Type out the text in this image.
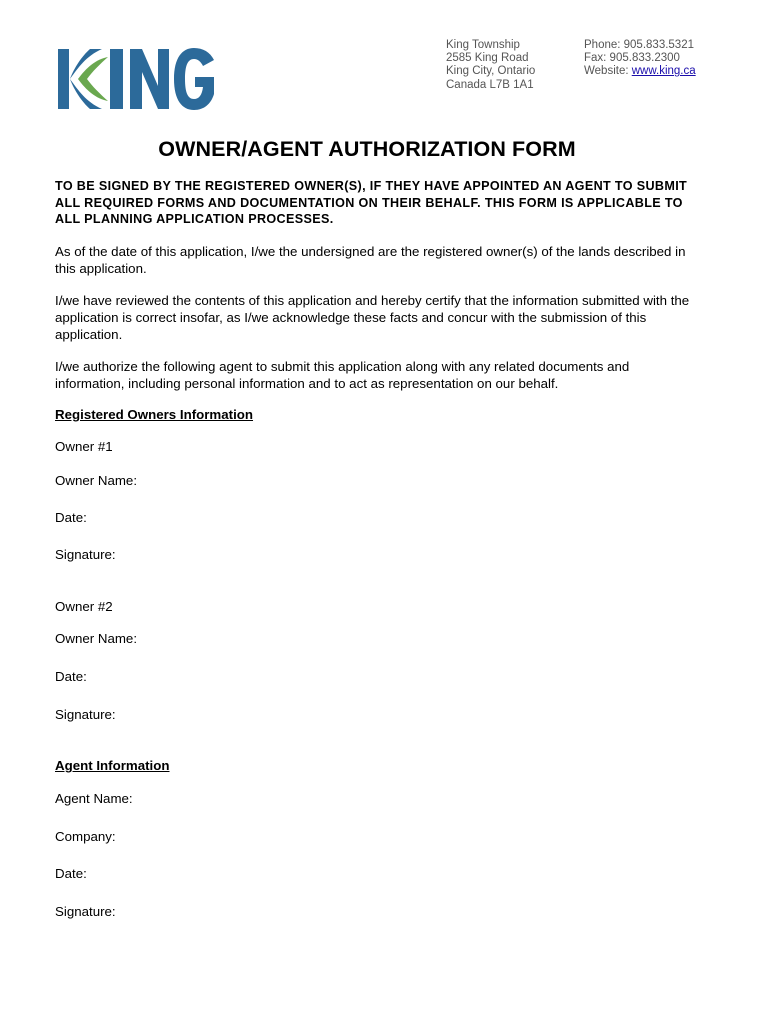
King Township
2585 King Road
King City, Ontario
Canada L7B 1A1
Phone: 905.833.5321
Fax: 905.833.2300
Website: www.king.ca
OWNER/AGENT AUTHORIZATION FORM
TO BE SIGNED BY THE REGISTERED OWNER(S), IF THEY HAVE APPOINTED AN AGENT TO SUBMIT ALL REQUIRED FORMS AND DOCUMENTATION ON THEIR BEHALF. THIS FORM IS APPLICABLE TO ALL PLANNING APPLICATION PROCESSES.
As of the date of this application, I/we the undersigned are the registered owner(s) of the lands described in this application.
I/we have reviewed the contents of this application and hereby certify that the information submitted with the application is correct insofar, as I/we acknowledge these facts and concur with the submission of this application.
I/we authorize the following agent to submit this application along with any related documents and information, including personal information and to act as representation on our behalf.
Registered Owners Information
Owner #1
Owner Name:
Date:
Signature:
Owner #2
Owner Name:
Date:
Signature:
Agent Information
Agent Name:
Company:
Date:
Signature:
